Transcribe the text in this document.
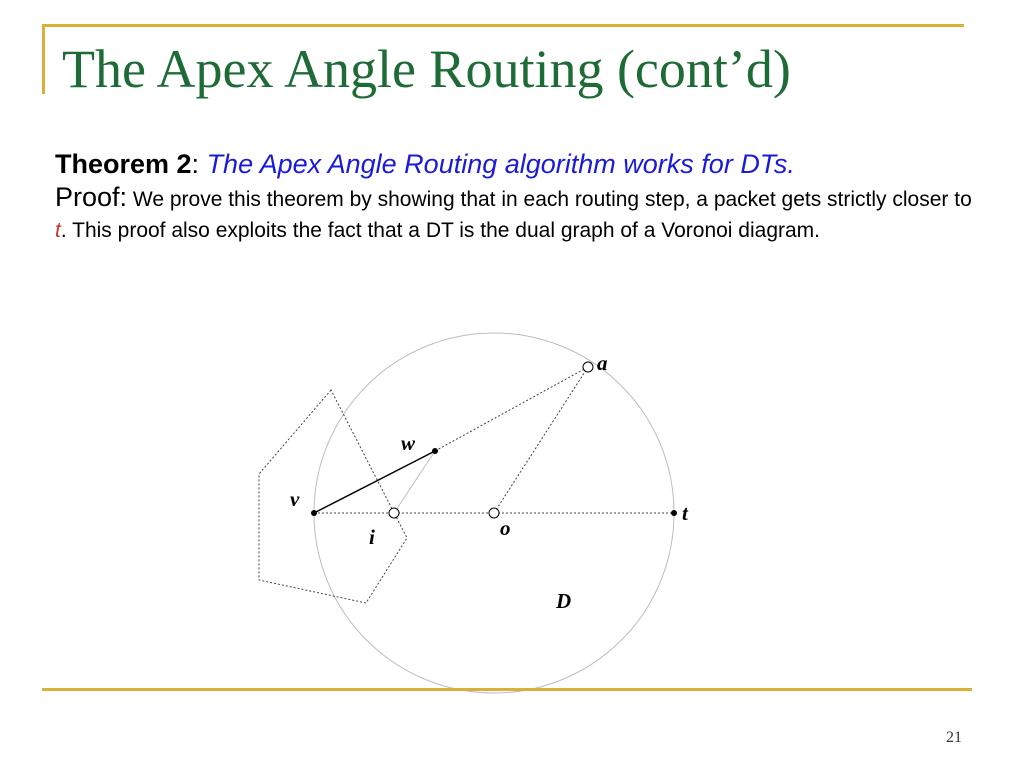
The Apex Angle Routing (cont’d)

Theorem 2: The Apex Angle Routing algorithm works for DTs.

Proof: We prove this theorem by showing that in each routing step, a packet gets strictly closer to t. This proof also exploits the fact that a DT is the dual graph of a Voronoi diagram.

a
w
v
t
o
i
D
21
